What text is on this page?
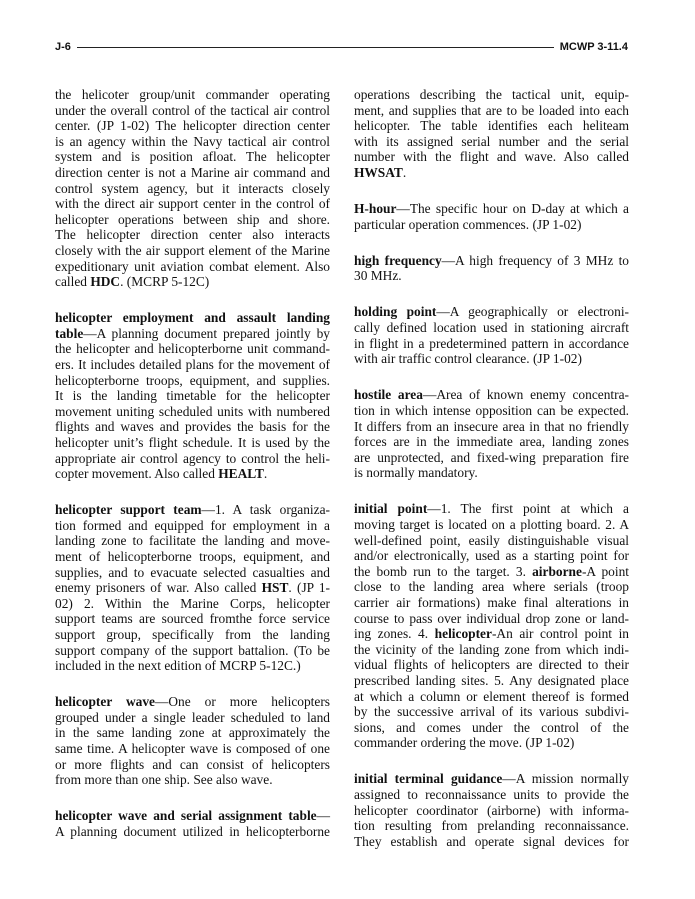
J-6	MCWP 3-11.4
the helicoter group/unit commander operating
under the overall control of the tactical air control
center. (JP 1-02) The helicopter direction center
is an agency within the Navy tactical air control
system and is position afloat. The helicopter
direction center is not a Marine air command and
control system agency, but it interacts closely
with the direct air support center in the control of
helicopter operations between ship and shore.
The helicopter direction center also interacts
closely with the air support element of the Marine
expeditionary unit aviation combat element. Also
called HDC. (MCRP 5-12C)
helicopter employment and assault landing
table—A planning document prepared jointly by
the helicopter and helicopterborne unit command-
ers. It includes detailed plans for the movement of
helicopterborne troops, equipment, and supplies.
It is the landing timetable for the helicopter
movement uniting scheduled units with numbered
flights and waves and provides the basis for the
helicopter unit’s flight schedule. It is used by the
appropriate air control agency to control the heli-
copter movement. Also called HEALT.
helicopter support team—1. A task organiza-
tion formed and equipped for employment in a
landing zone to facilitate the landing and move-
ment of helicopterborne troops, equipment, and
supplies, and to evacuate selected casualties and
enemy prisoners of war. Also called HST. (JP 1-
02) 2. Within the Marine Corps, helicopter
support teams are sourced fromthe force service
support group, specifically from the landing
support company of the support battalion. (To be
included in the next edition of MCRP 5-12C.)
helicopter wave—One or more helicopters
grouped under a single leader scheduled to land
in the same landing zone at approximately the
same time. A helicopter wave is composed of one
or more flights and can consist of helicopters
from more than one ship. See also wave.
helicopter wave and serial assignment table—
A planning document utilized in helicopterborne
operations describing the tactical unit, equip-
ment, and supplies that are to be loaded into each
helicopter. The table identifies each heliteam
with its assigned serial number and the serial
number with the flight and wave. Also called
HWSAT.
H-hour—The specific hour on D-day at which a
particular operation commences. (JP 1-02)
high frequency—A high frequency of 3 MHz to
30 MHz.
holding point—A geographically or electroni-
cally defined location used in stationing aircraft
in flight in a predetermined pattern in accordance
with air traffic control clearance. (JP 1-02)
hostile area—Area of known enemy concentra-
tion in which intense opposition can be expected.
It differs from an insecure area in that no friendly
forces are in the immediate area, landing zones
are unprotected, and fixed-wing preparation fire
is normally mandatory.
initial point—1. The first point at which a
moving target is located on a plotting board. 2. A
well-defined point, easily distinguishable visual
and/or electronically, used as a starting point for
the bomb run to the target. 3. airborne-A point
close to the landing area where serials (troop
carrier air formations) make final alterations in
course to pass over individual drop zone or land-
ing zones. 4. helicopter-An air control point in
the vicinity of the landing zone from which indi-
vidual flights of helicopters are directed to their
prescribed landing sites. 5. Any designated place
at which a column or element thereof is formed
by the successive arrival of its various subdivi-
sions, and comes under the control of the
commander ordering the move. (JP 1-02)
initial terminal guidance—A mission normally
assigned to reconnaissance units to provide the
helicopter coordinator (airborne) with informa-
tion resulting from prelanding reconnaissance.
They establish and operate signal devices for
